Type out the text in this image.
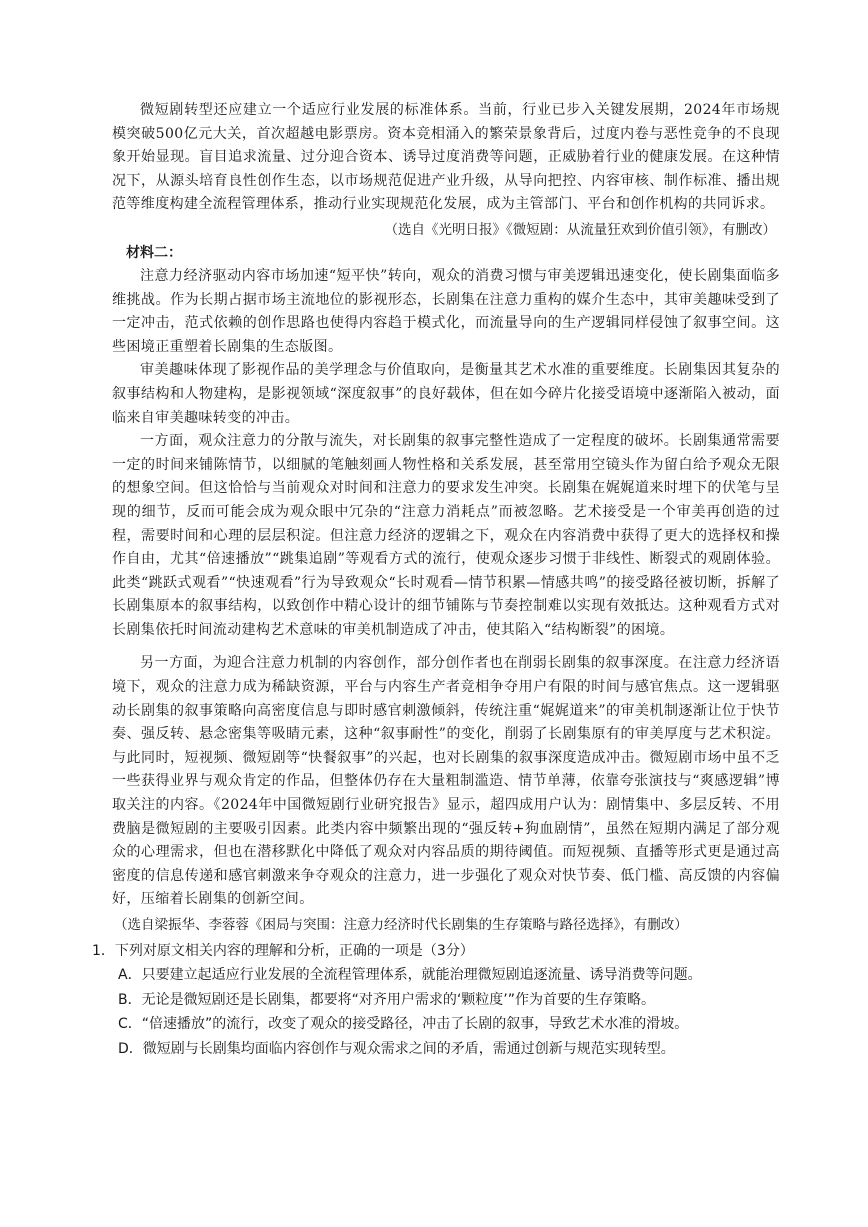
微短剧转型还应建立一个适应行业发展的标准体系。当前，行业已步入关键发展期，2024年市场规模突破500亿元大关，首次超越电影票房。资本竞相涌入的繁荣景象背后，过度内卷与恶性竞争的不良现象开始显现。盲目追求流量、过分迎合资本、诱导过度消费等问题，正威胁着行业的健康发展。在这种情况下，从源头培育良性创作生态，以市场规范促进产业升级，从导向把控、内容审核、制作标准、播出规范等维度构建全流程管理体系，推动行业实现规范化发展，成为主管部门、平台和创作机构的共同诉求。

（选自《光明日报》《微短剧：从流量狂欢到价值引领》，有删改）

材料二：

注意力经济驱动内容市场加速“短平快”转向，观众的消费习惯与审美逻辑迅速变化，使长剧集面临多维挑战。作为长期占据市场主流地位的影视形态，长剧集在注意力重构的媒介生态中，其审美趣味受到了一定冲击，范式依赖的创作思路也使得内容趋于模式化，而流量导向的生产逻辑同样侵蚀了叙事空间。这些困境正重塑着长剧集的生态版图。

审美趣味体现了影视作品的美学理念与价值取向，是衡量其艺术水准的重要维度。长剧集因其复杂的叙事结构和人物建构，是影视领域“深度叙事”的良好载体，但在如今碎片化接受语境中逐渐陷入被动，面临来自审美趣味转变的冲击。

一方面，观众注意力的分散与流失，对长剧集的叙事完整性造成了一定程度的破坏。长剧集通常需要一定的时间来铺陈情节，以细腻的笔触刻画人物性格和关系发展，甚至常用空镜头作为留白给予观众无限的想象空间。但这恰恰与当前观众对时间和注意力的要求发生冲突。长剧集在娓娓道来时埋下的伏笔与呈现的细节，反而可能会成为观众眼中冗杂的“注意力消耗点”而被忽略。艺术接受是一个审美再创造的过程，需要时间和心理的层层积淀。但注意力经济的逻辑之下，观众在内容消费中获得了更大的选择权和操作自由，尤其“倍速播放”“跳集追剧”等观看方式的流行，使观众逐步习惯于非线性、断裂式的观剧体验。此类“跳跃式观看”“快速观看”行为导致观众“长时观看—情节积累—情感共鸣”的接受路径被切断，拆解了长剧集原本的叙事结构，以致创作中精心设计的细节铺陈与节奏控制难以实现有效抵达。这种观看方式对长剧集依托时间流动建构艺术意味的审美机制造成了冲击，使其陷入“结构断裂”的困境。

另一方面，为迎合注意力机制的内容创作，部分创作者也在削弱长剧集的叙事深度。在注意力经济语境下，观众的注意力成为稀缺资源，平台与内容生产者竞相争夺用户有限的时间与感官焦点。这一逻辑驱动长剧集的叙事策略向高密度信息与即时感官刺激倾斜，传统注重“娓娓道来”的审美机制逐渐让位于快节奏、强反转、悬念密集等吸睛元素，这种“叙事耐性”的变化，削弱了长剧集原有的审美厚度与艺术积淀。与此同时，短视频、微短剧等“快餐叙事”的兴起，也对长剧集的叙事深度造成冲击。微短剧市场中虽不乏一些获得业界与观众肯定的作品，但整体仍存在大量粗制滥造、情节单薄，依靠夸张演技与“爽感逻辑”博取关注的内容。《2024年中国微短剧行业研究报告》显示，超四成用户认为：剧情集中、多层反转、不用费脑是微短剧的主要吸引因素。此类内容中频繁出现的“强反转+狗血剧情”，虽然在短期内满足了部分观众的心理需求，但也在潜移默化中降低了观众对内容品质的期待阈值。而短视频、直播等形式更是通过高密度的信息传递和感官刺激来争夺观众的注意力，进一步强化了观众对快节奏、低门槛、高反馈的内容偏好，压缩着长剧集的创新空间。

（选自梁振华、李蓉蓉《困局与突围：注意力经济时代长剧集的生存策略与路径选择》，有删改）

1．下列对原文相关内容的理解和分析，正确的一项是（3分）

A．只要建立起适应行业发展的全流程管理体系，就能治理微短剧追逐流量、诱导消费等问题。
B．无论是微短剧还是长剧集，都要将“对齐用户需求的‘颗粒度’”作为首要的生存策略。
C．“倍速播放”的流行，改变了观众的接受路径，冲击了长剧的叙事，导致艺术水准的滑坡。
D．微短剧与长剧集均面临内容创作与观众需求之间的矛盾，需通过创新与规范实现转型。
